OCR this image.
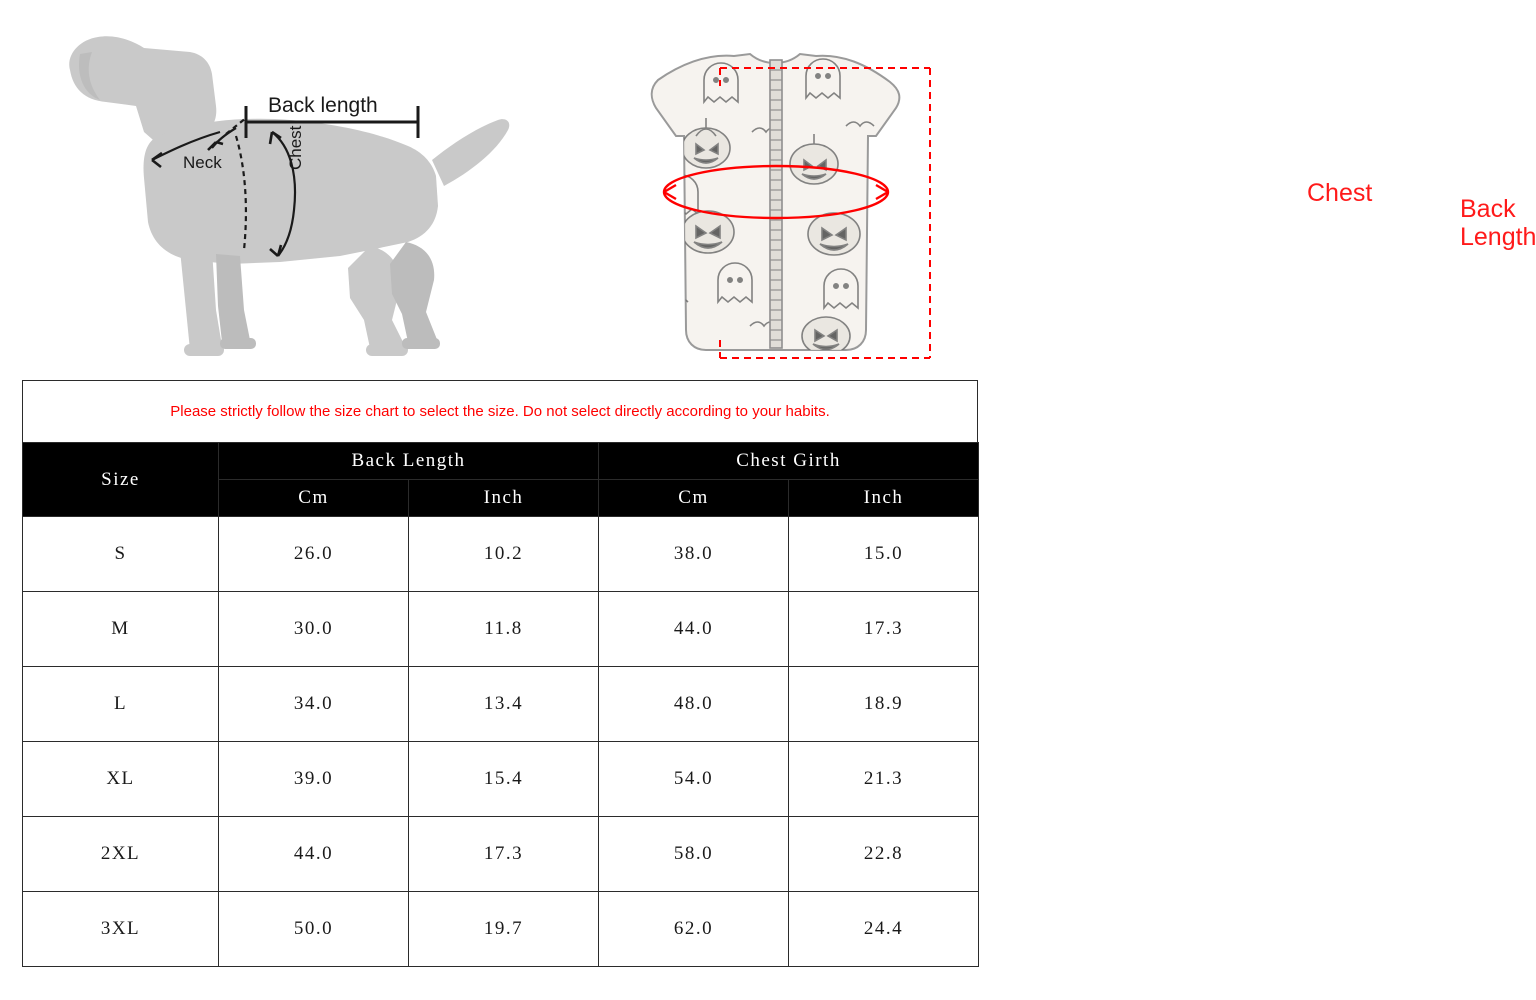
Back length
Neck	Chest
Chest
Back
Length
Please strictly follow the size chart to select the size. Do not select directly according to your habits.
Size	Back Length		Chest Girth	
	Cm	Inch	Cm	Inch
S	26.0	10.2	38.0	15.0
M	30.0	11.8	44.0	17.3
L	34.0	13.4	48.0	18.9
XL	39.0	15.4	54.0	21.3
2XL	44.0	17.3	58.0	22.8
3XL	50.0	19.7	62.0	24.4
